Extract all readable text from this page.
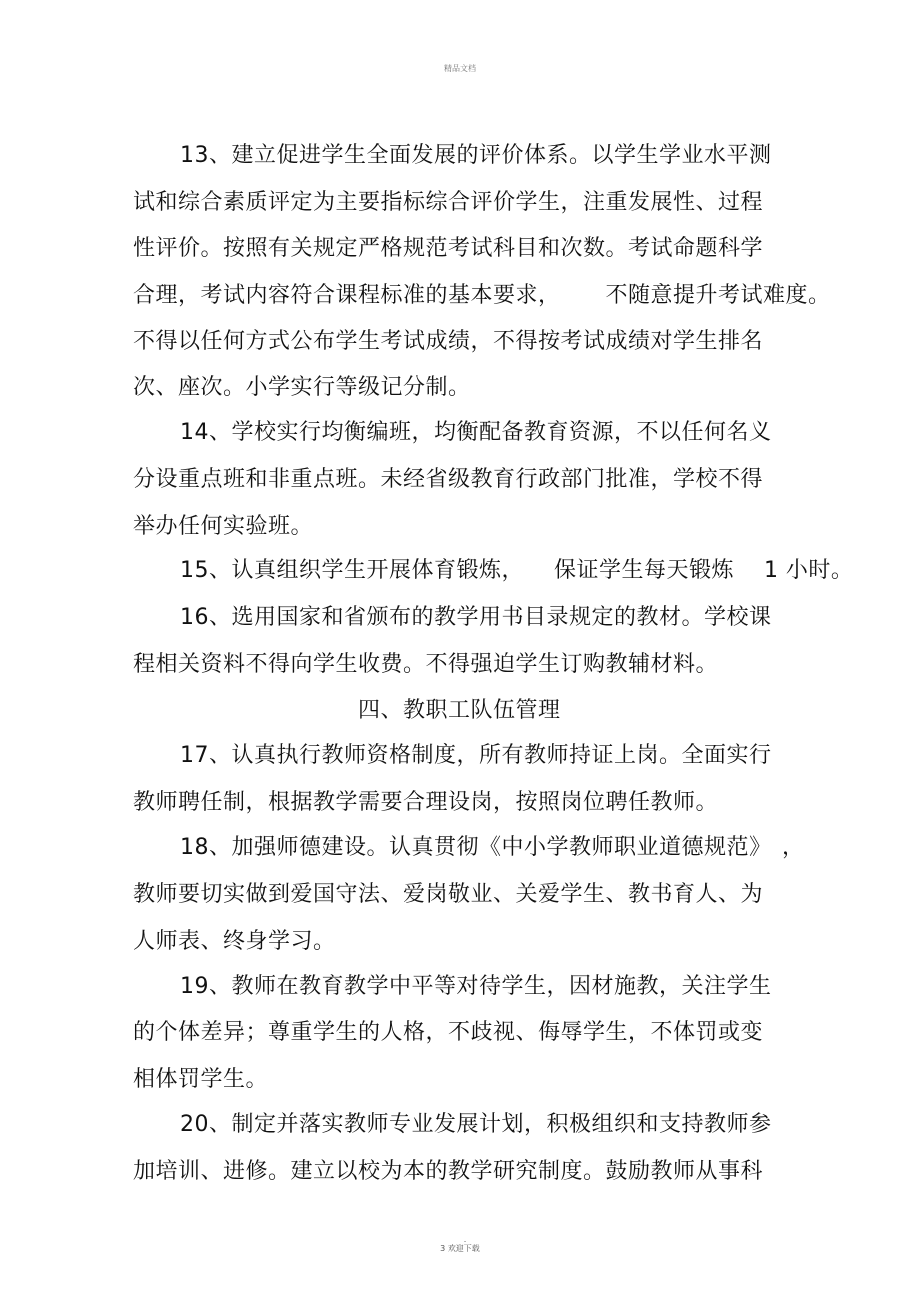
精品文档
13、建立促进学生全面发展的评价体系。以学生学业水平测
试和综合素质评定为主要指标综合评价学生，注重发展性、过程
性评价。按照有关规定严格规范考试科目和次数。考试命题科学
合理，考试内容符合课程标准的基本要求，      不随意提升考试难度。
不得以任何方式公布学生考试成绩，不得按考试成绩对学生排名
次、座次。小学实行等级记分制。
14、学校实行均衡编班，均衡配备教育资源，不以任何名义
分设重点班和非重点班。未经省级教育行政部门批准，学校不得
举办任何实验班。
15、认真组织学生开展体育锻炼，    保证学生每天锻炼    1 小时。
16、选用国家和省颁布的教学用书目录规定的教材。学校课
程相关资料不得向学生收费。不得强迫学生订购教辅材料。
四、教职工队伍管理
17、认真执行教师资格制度，所有教师持证上岗。全面实行
教师聘任制，根据教学需要合理设岗，按照岗位聘任教师。
18、加强师德建设。认真贯彻《中小学教师职业道德规范》 ，
教师要切实做到爱国守法、爱岗敬业、关爱学生、教书育人、为
人师表、终身学习。
19、教师在教育教学中平等对待学生，因材施教，关注学生
的个体差异；尊重学生的人格，不歧视、侮辱学生，不体罚或变
相体罚学生。
20、制定并落实教师专业发展计划，积极组织和支持教师参
加培训、进修。建立以校为本的教学研究制度。鼓励教师从事科
.
3 欢迎下载
